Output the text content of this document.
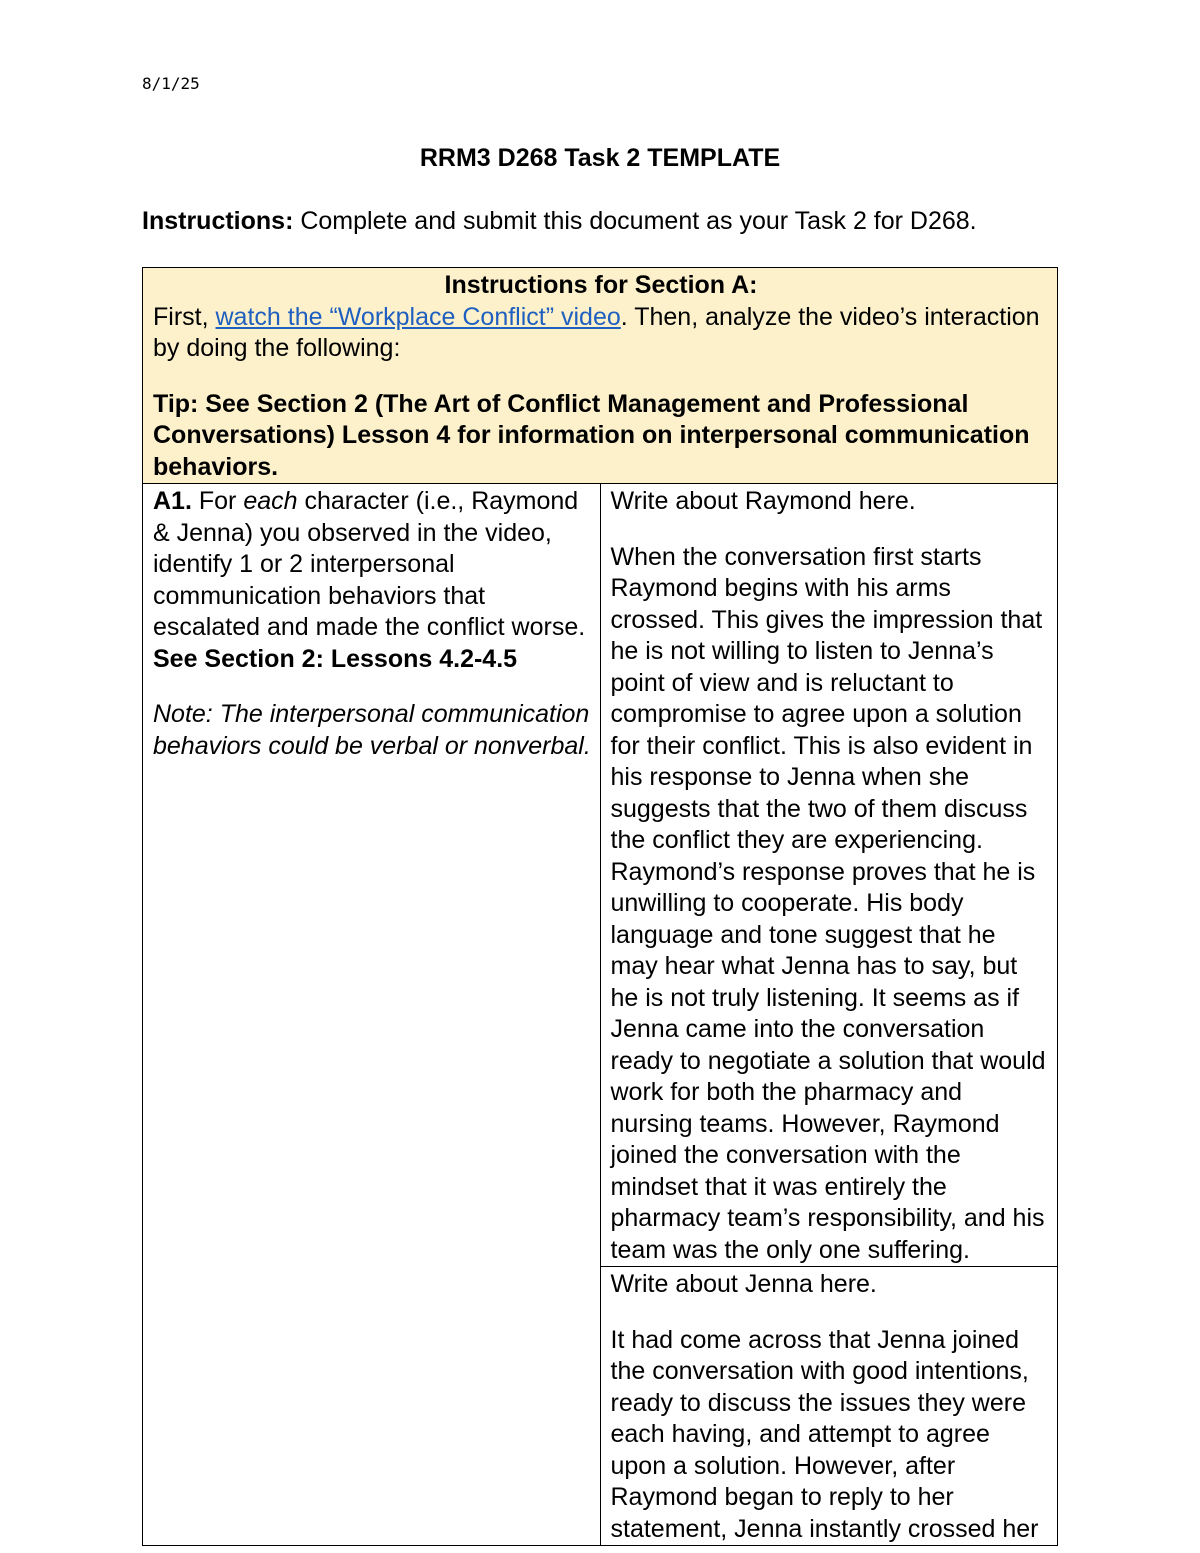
8/1/25
RRM3 D268 Task 2 TEMPLATE
Instructions: Complete and submit this document as your Task 2 for D268.
Instructions for Section A:
First, watch the “Workplace Conflict” video. Then, analyze the video’s interaction by doing the following:
Tip: See Section 2 (The Art of Conflict Management and Professional Conversations) Lesson 4 for information on interpersonal communication behaviors.

A1. For each character (i.e., Raymond & Jenna) you observed in the video, identify 1 or 2 interpersonal communication behaviors that escalated and made the conflict worse. See Section 2: Lessons 4.2-4.5
Note: The interpersonal communication behaviors could be verbal or nonverbal.

Write about Raymond here.
When the conversation first starts Raymond begins with his arms crossed. This gives the impression that he is not willing to listen to Jenna’s point of view and is reluctant to compromise to agree upon a solution for their conflict. This is also evident in his response to Jenna when she suggests that the two of them discuss the conflict they are experiencing. Raymond’s response proves that he is unwilling to cooperate. His body language and tone suggest that he may hear what Jenna has to say, but he is not truly listening. It seems as if Jenna came into the conversation ready to negotiate a solution that would work for both the pharmacy and nursing teams. However, Raymond joined the conversation with the mindset that it was entirely the pharmacy team’s responsibility, and his team was the only one suffering.

Write about Jenna here.
It had come across that Jenna joined the conversation with good intentions, ready to discuss the issues they were each having, and attempt to agree upon a solution. However, after Raymond began to reply to her statement, Jenna instantly crossed her
